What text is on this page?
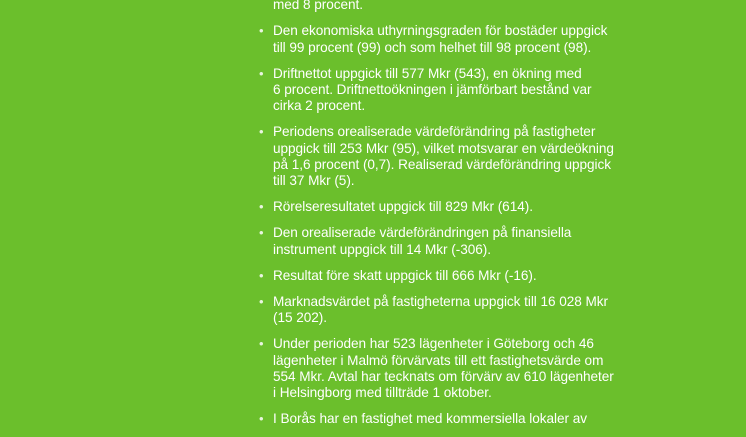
med 8 procent.
• Den ekonomiska uthyrningsgraden för bostäder uppgick
till 99 procent (99) och som helhet till 98 procent (98).
• Driftnettot uppgick till 577 Mkr (543), en ökning med
6 procent. Driftnettoökningen i jämförbart bestånd var
cirka 2 procent.
• Periodens orealiserade värdeförändring på fastigheter
uppgick till 253 Mkr (95), vilket motsvarar en värdeökning
på 1,6 procent (0,7). Realiserad värdeförändring uppgick
till 37 Mkr (5).
• Rörelseresultatet uppgick till 829 Mkr (614).
• Den orealiserade värdeförändringen på finansiella
instrument uppgick till 14 Mkr (-306).
• Resultat före skatt uppgick till 666 Mkr (-16).
• Marknadsvärdet på fastigheterna uppgick till 16 028 Mkr
(15 202).
• Under perioden har 523 lägenheter i Göteborg och 46
lägenheter i Malmö förvärvats till ett fastighetsvärde om
554 Mkr. Avtal har tecknats om förvärv av 610 lägenheter
i Helsingborg med tillträde 1 oktober.
• I Borås har en fastighet med kommersiella lokaler av
